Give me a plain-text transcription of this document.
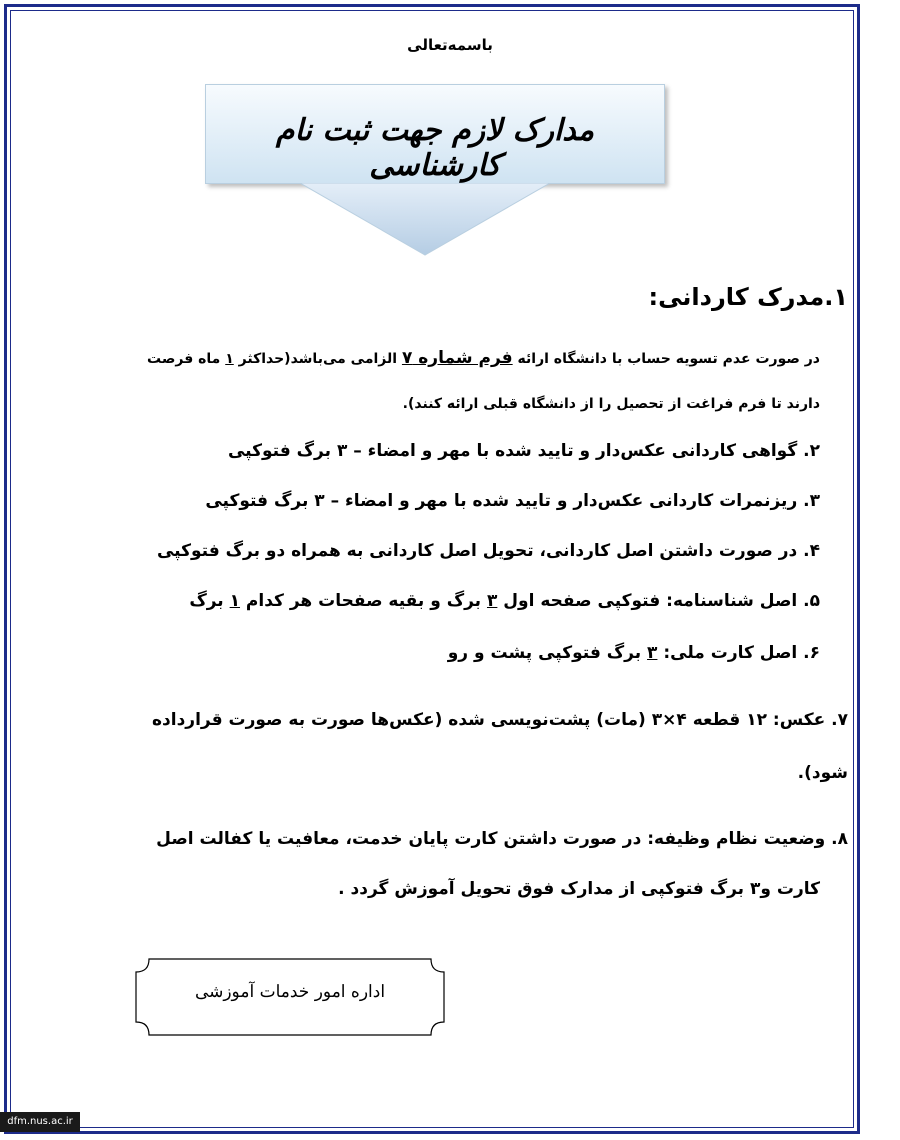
باسمه‌تعالی
مدارک لازم جهت ثبت نام کارشناسی
۱.مدرک کاردانی:
در صورت عدم تسویه حساب با دانشگاه ارائه فرم شماره ۷ الزامی می‌باشد(حداکثر ۱ ماه فرصت
دارند تا فرم فراغت از تحصیل را از دانشگاه قبلی ارائه کنند).
۲. گواهی کاردانی عکس‌دار و تایید شده با مهر و امضاء – ۳ برگ فتوکپی
۳. ریزنمرات کاردانی عکس‌دار و تایید شده با مهر و امضاء – ۳ برگ فتوکپی
۴. در صورت داشتن اصل کاردانی، تحویل اصل کاردانی به همراه دو برگ فتوکپی
۵. اصل شناسنامه: فتوکپی صفحه اول ۳ برگ و بقیه صفحات هر کدام ۱ برگ
۶. اصل کارت ملی: ۳ برگ فتوکپی پشت و رو
۷. عکس: ۱۲ قطعه ۴×۳ (مات) پشت‌نویسی شده (عکس‌ها صورت به صورت قرارداده
شود).
۸. وضعیت نظام وظیفه: در صورت داشتن کارت پایان خدمت، معافیت یا کفالت اصل
کارت و۳ برگ فتوکپی از مدارک فوق تحویل آموزش گردد .
اداره امور خدمات آموزشی
dfm.nus.ac.ir
